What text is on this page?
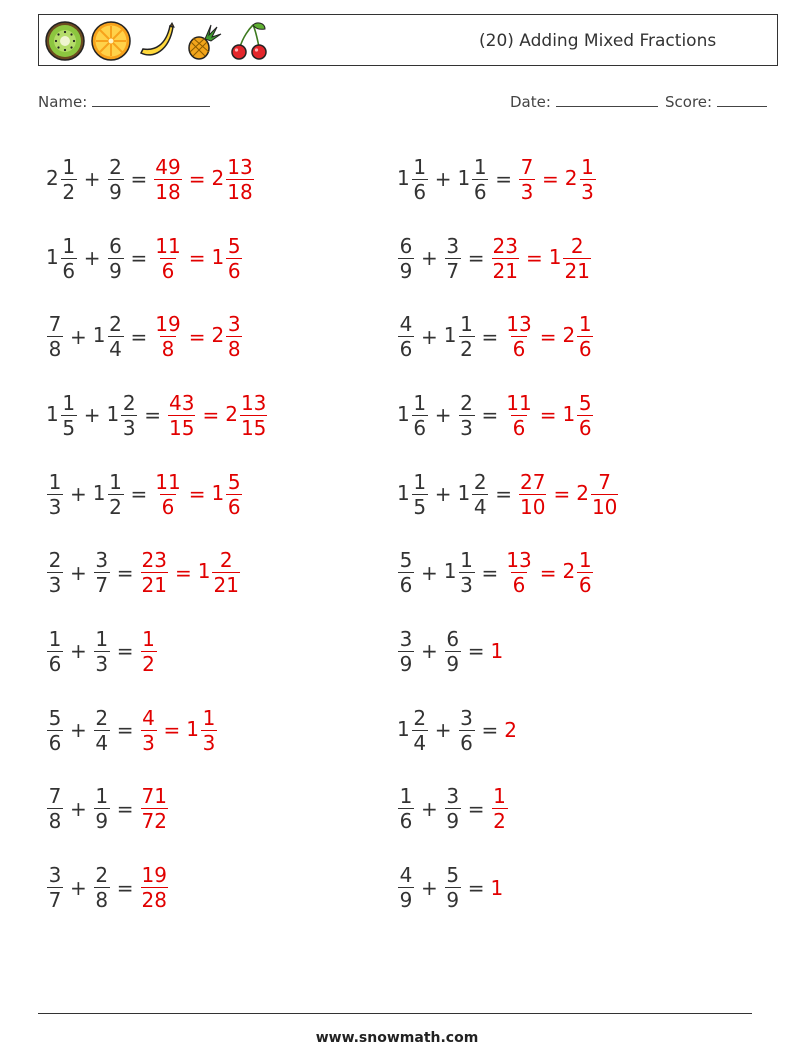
(20) Adding Mixed Fractions
Name:	Date:	Score:
$2 \frac{1}{2} + \frac{2}{9} = \frac{49}{18} = 2 \frac{13}{18}$
$1 \frac{1}{6} + \frac{6}{9} = \frac{11}{6} = 1 \frac{5}{6}$
$\frac{7}{8} + 1 \frac{2}{4} = \frac{19}{8} = 2 \frac{3}{8}$
$1 \frac{1}{5} + 1 \frac{2}{3} = \frac{43}{15} = 2 \frac{13}{15}$
$\frac{1}{3} + 1 \frac{1}{2} = \frac{11}{6} = 1 \frac{5}{6}$
$\frac{2}{3} + \frac{3}{7} = \frac{23}{21} = 1 \frac{2}{21}$
$\frac{1}{6} + \frac{1}{3} = \frac{1}{2}$
$\frac{5}{6} + \frac{2}{4} = \frac{4}{3} = 1 \frac{1}{3}$
$\frac{7}{8} + \frac{1}{9} = \frac{71}{72}$
$\frac{3}{7} + \frac{2}{8} = \frac{19}{28}$
$1 \frac{1}{6} + 1 \frac{1}{6} = \frac{7}{3} = 2 \frac{1}{3}$
$\frac{6}{9} + \frac{3}{7} = \frac{23}{21} = 1 \frac{2}{21}$
$\frac{4}{6} + 1 \frac{1}{2} = \frac{13}{6} = 2 \frac{1}{6}$
$1 \frac{1}{6} + \frac{2}{3} = \frac{11}{6} = 1 \frac{5}{6}$
$1 \frac{1}{5} + 1 \frac{2}{4} = \frac{27}{10} = 2 \frac{7}{10}$
$\frac{5}{6} + 1 \frac{1}{3} = \frac{13}{6} = 2 \frac{1}{6}$
$\frac{3}{9} + \frac{6}{9} = 1$
$1 \frac{2}{4} + \frac{3}{6} = 2$
$\frac{1}{6} + \frac{3}{9} = \frac{1}{2}$
$\frac{4}{9} + \frac{5}{9} = 1$
www.snowmath.com
